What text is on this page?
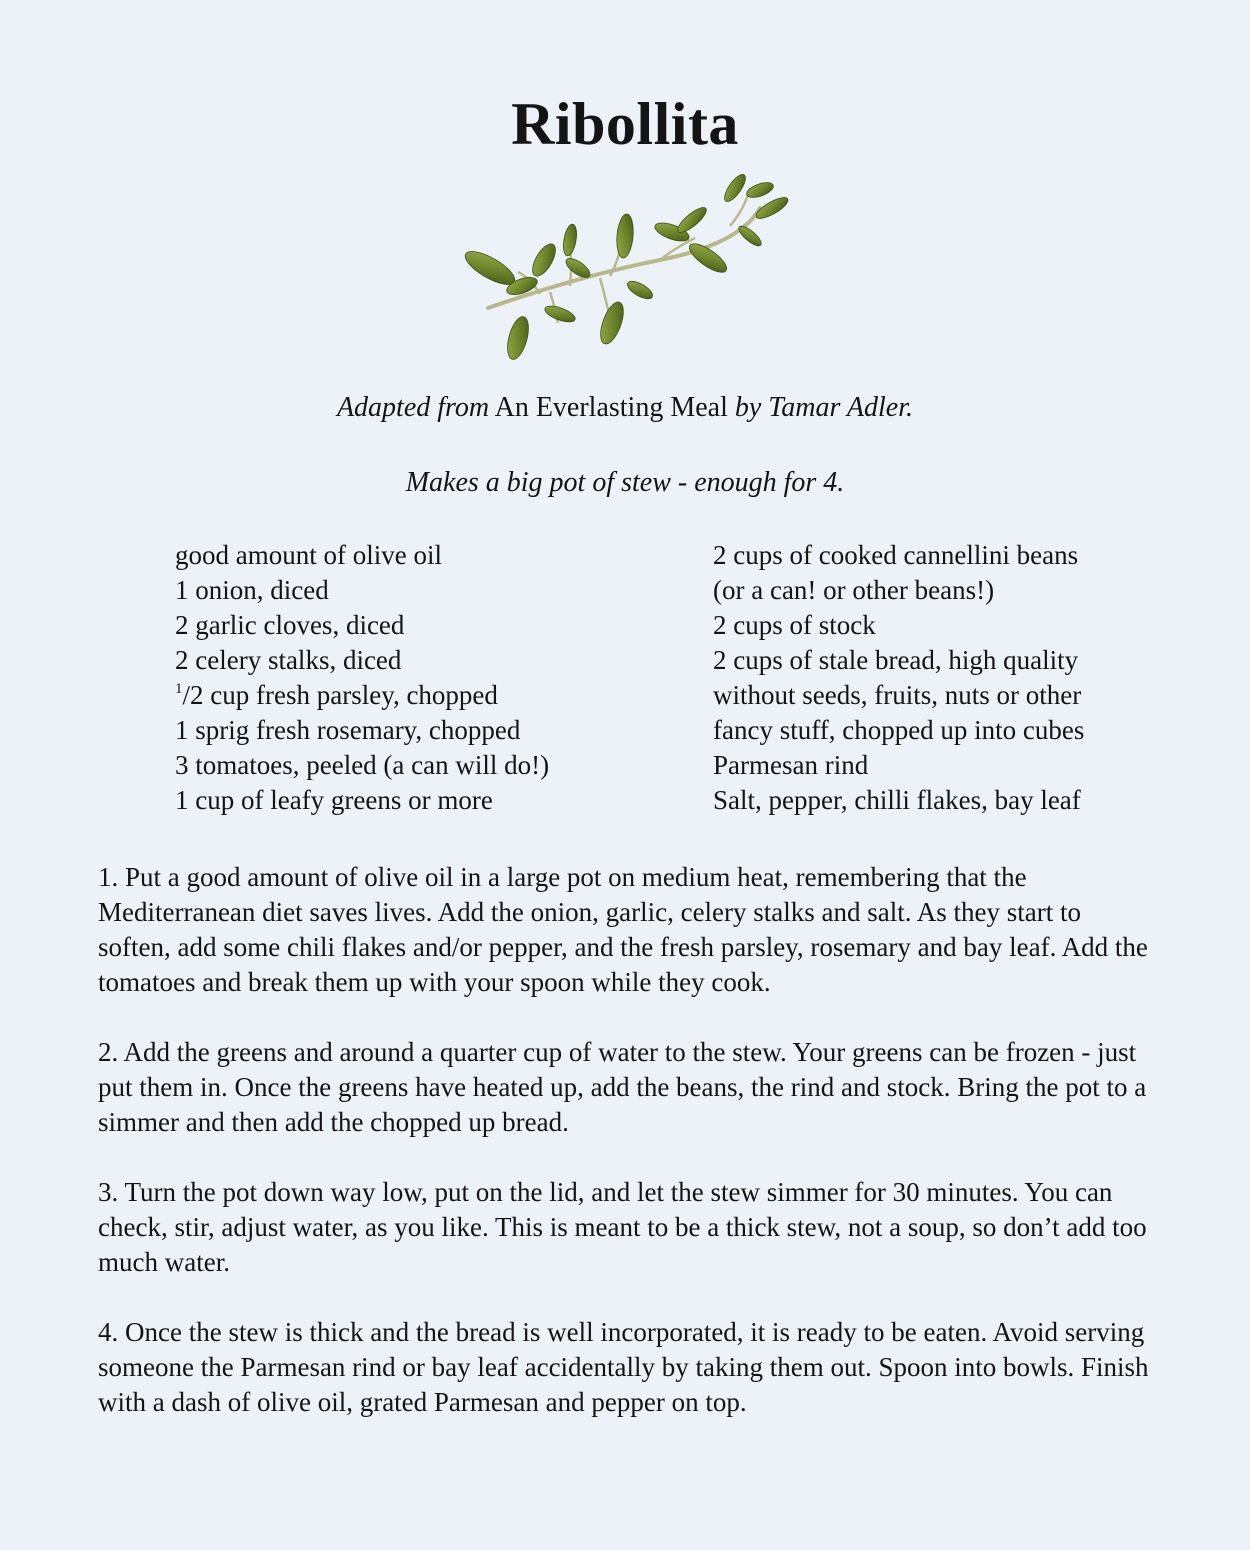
Ribollita
Adapted from An Everlasting Meal by Tamar Adler.
Makes a big pot of stew - enough for 4.
good amount of olive oil
1 onion, diced
2 garlic cloves, diced
2 celery stalks, diced
$^1$/2 cup fresh parsley, chopped
1 sprig fresh rosemary, chopped
3 tomatoes, peeled (a can will do!)
1 cup of leafy greens or more
2 cups of cooked cannellini beans
(or a can! or other beans!)
2 cups of stock
2 cups of stale bread, high quality
without seeds, fruits, nuts or other
fancy stuff, chopped up into cubes
Parmesan rind
Salt, pepper, chilli flakes, bay leaf

1. Put a good amount of olive oil in a large pot on medium heat, remembering that the Mediterranean diet saves lives. Add the onion, garlic, celery stalks and salt. As they start to soften, add some chili flakes and/or pepper, and the fresh parsley, rosemary and bay leaf. Add the tomatoes and break them up with your spoon while they cook.

2. Add the greens and around a quarter cup of water to the stew. Your greens can be frozen - just put them in. Once the greens have heated up, add the beans, the rind and stock. Bring the pot to a simmer and then add the chopped up bread.

3. Turn the pot down way low, put on the lid, and let the stew simmer for 30 minutes. You can check, stir, adjust water, as you like. This is meant to be a thick stew, not a soup, so don’t add too much water.

4. Once the stew is thick and the bread is well incorporated, it is ready to be eaten. Avoid serving someone the Parmesan rind or bay leaf accidentally by taking them out. Spoon into bowls. Finish with a dash of olive oil, grated Parmesan and pepper on top.
